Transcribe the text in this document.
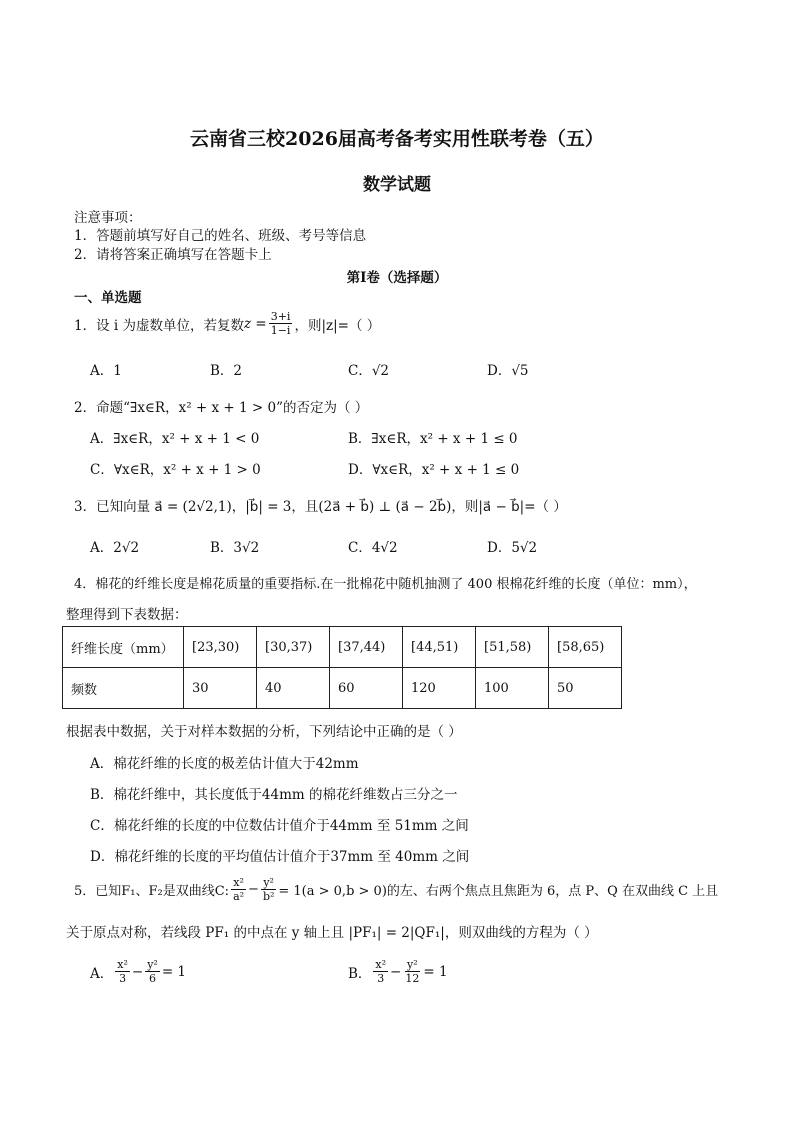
云南省三校2026届高考备考实用性联考卷（五）
数学试题
注意事项：
1．答题前填写好自己的姓名、班级、考号等信息
2．请将答案正确填写在答题卡上
第I卷（选择题）
一、单选题
1．设 i 为虚数单位，若复数 $z = \frac{3+i}{1-i}$ ，则|z|=（ ）
A．1	B．2	C．√2	D．√5
2．命题“∃x∈R，x² + x + 1 > 0”的否定为（ ）
A．∃x∈R，x² + x + 1 < 0	B．∃x∈R，x² + x + 1 ≤ 0
C．∀x∈R，x² + x + 1 > 0	D．∀x∈R，x² + x + 1 ≤ 0
3．已知向量 a⃗ = (2√2,1)，|b⃗| = 3，且(2a⃗ + b⃗) ⊥ (a⃗ − 2b⃗)，则|a⃗ − b⃗|=（ ）
A．2√2	B．3√2	C．4√2	D．5√2
4．棉花的纤维长度是棉花质量的重要指标.在一批棉花中随机抽测了 400 根棉花纤维的长度（单位：mm），
整理得到下表数据：
纤维长度（mm）	[23,30)	[30,37)	[37,44)	[44,51)	[51,58)	[58,65)
频数	30	40	60	120	100	50
根据表中数据，关于对样本数据的分析，下列结论中正确的是（ ）
A．棉花纤维的长度的极差估计值大于42mm
B．棉花纤维中，其长度低于44mm 的棉花纤维数占三分之一
C．棉花纤维的长度的中位数估计值介于44mm 至 51mm 之间
D．棉花纤维的长度的平均值估计值介于37mm 至 40mm 之间
5．已知F₁、F₂是双曲线C: $\frac{\text{x²}}{\text{a²}} - \frac{\text{y²}}{\text{b²}} = 1(a > 0,b > 0)$的左、右两个焦点且焦距为 6，点 P、Q 在双曲线 C 上且
关于原点对称，若线段 PF₁ 的中点在 y 轴上且 |PF₁| = 2|QF₁|，则双曲线的方程为（ ）
A． $\frac{\text{x²}}{3} - \frac{\text{y²}}{6} = 1$	B． $\frac{\text{x²}}{3} - \frac{\text{y²}}{12} = 1$
